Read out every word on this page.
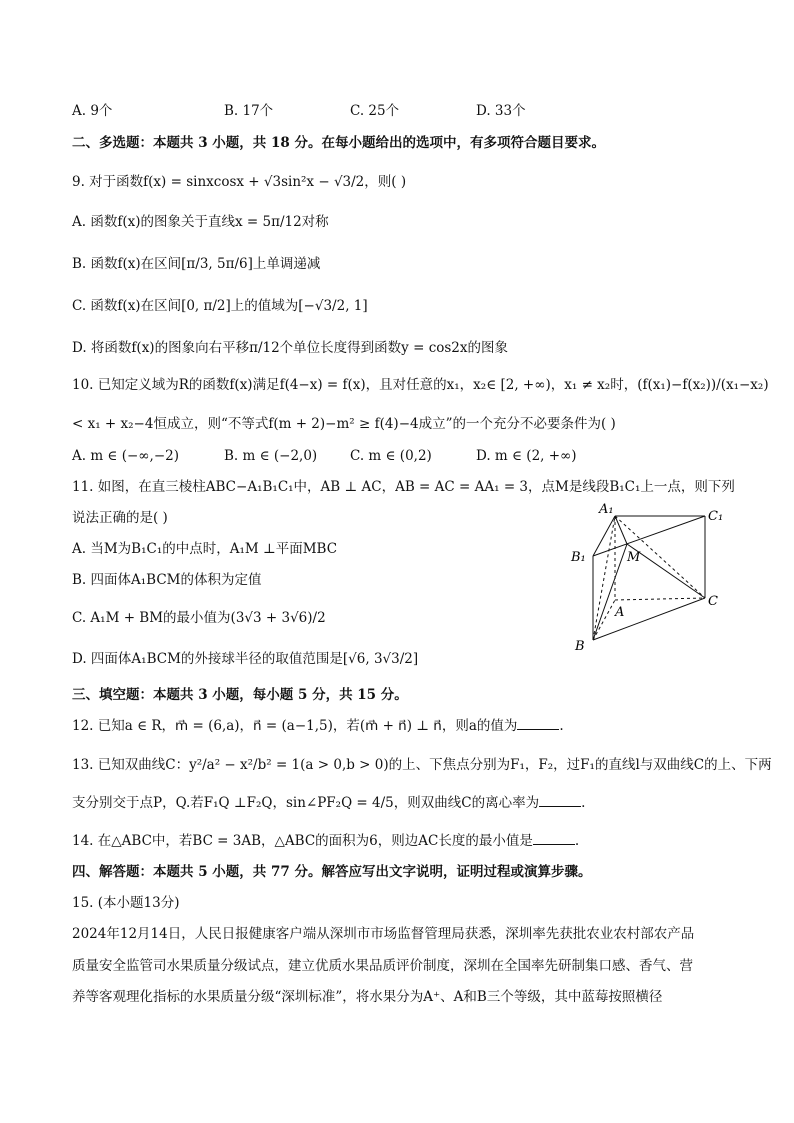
A. 9个	B. 17个	C. 25个	D. 33个
二、多选题：本题共 3 小题，共 18 分。在每小题给出的选项中，有多项符合题目要求。
9. 对于函数f(x) = sinxcosx + √3sin²x − √3/2，则( )
A. 函数f(x)的图象关于直线x = 5π/12对称
B. 函数f(x)在区间[π/3, 5π/6]上单调递减
C. 函数f(x)在区间[0, π/2]上的值域为[−√3/2, 1]
D. 将函数f(x)的图象向右平移π/12个单位长度得到函数y = cos2x的图象
10. 已知定义域为R的函数f(x)满足f(4−x) = f(x)，且对任意的x₁，x₂∈ [2, +∞)，x₁ ≠ x₂时，(f(x₁)−f(x₂))/(x₁−x₂)
< x₁ + x₂−4恒成立，则“不等式f(m + 2)−m² ≥ f(4)−4成立”的一个充分不必要条件为( )
A. m ∈ (−∞,−2)	B. m ∈ (−2,0) C. m ∈ (0,2)	D. m ∈ (2, +∞)
11. 如图，在直三棱柱ABC−A₁B₁C₁中，AB ⊥ AC，AB = AC = AA₁ = 3，点M是线段B₁C₁上一点，则下列
说法正确的是( )
A. 当M为B₁C₁的中点时，A₁M ⊥平面MBC
B. 四面体A₁BCM的体积为定值
C. A₁M + BM的最小值为(3√3 + 3√6)/2
D. 四面体A₁BCM的外接球半径的取值范围是[√6, 3√3/2]
A₁	C₁
B₁	M
A
C
B
三、填空题：本题共 3 小题，每小题 5 分，共 15 分。
12. 已知a ∈ R，m⃗ = (6,a)，n⃗ = (a−1,5)，若(m⃗ + n⃗) ⊥ n⃗，则a的值为	.
13. 已知双曲线C：y²/a² − x²/b² = 1(a > 0,b > 0)的上、下焦点分别为F₁，F₂，过F₁的直线l与双曲线C的上、下两
支分别交于点P，Q.若F₁Q ⊥F₂Q，sin∠PF₂Q = 4/5，则双曲线C的离心率为	.
14. 在△ABC中，若BC = 3AB，△ABC的面积为6，则边AC长度的最小值是	.
四、解答题：本题共 5 小题，共 77 分。解答应写出文字说明，证明过程或演算步骤。
15. (本小题13分)
2024年12月14日，人民日报健康客户端从深圳市市场监督管理局获悉，深圳率先获批农业农村部农产品
质量安全监管司水果质量分级试点，建立优质水果品质评价制度，深圳在全国率先研制集口感、香气、营
养等客观理化指标的水果质量分级“深圳标准”，将水果分为A⁺、A和B三个等级，其中蓝莓按照横径
